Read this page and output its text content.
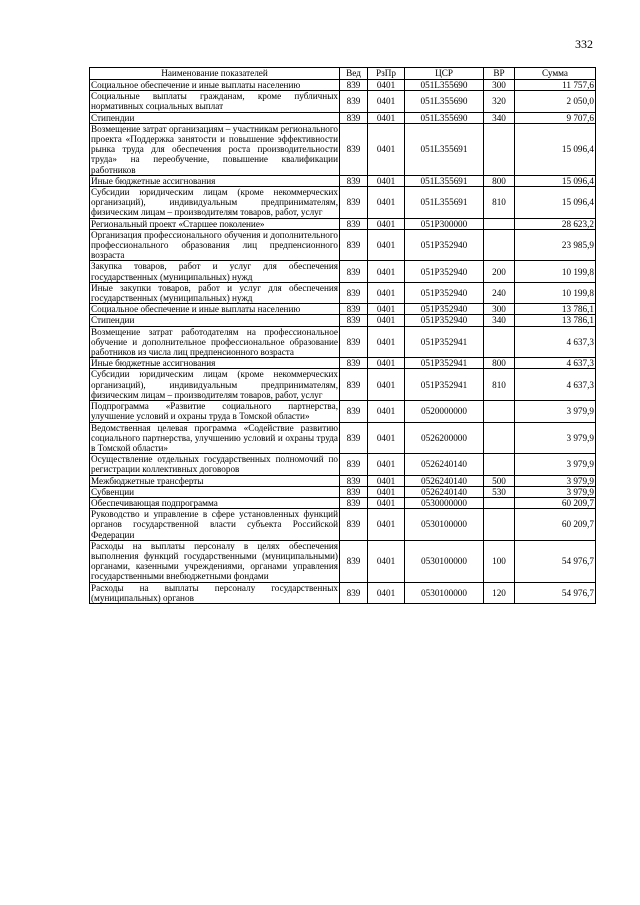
332
Наименование показателей	Вед	РзПр	ЦСР	ВР	Сумма
Социальное обеспечение и иные выплаты населению	839	0401	051L355690	300	11 757,6
Социальные выплаты гражданам, кроме публичных нормативных социальных выплат	839	0401	051L355690	320	2 050,0
Стипендии	839	0401	051L355690	340	9 707,6
Возмещение затрат организациям – участникам регионального проекта «Поддержка занятости и повышение эффективности рынка труда для обеспечения роста производительности труда» на переобучение, повышение квалификации работников	839	0401	051L355691		15 096,4
Иные бюджетные ассигнования	839	0401	051L355691	800	15 096,4
Субсидии юридическим лицам (кроме некоммерческих организаций), индивидуальным предпринимателям, физическим лицам – производителям товаров, работ, услуг	839	0401	051L355691	810	15 096,4
Региональный проект «Старшее поколение»	839	0401	051P300000		28 623,2
Организация профессионального обучения и дополнительного профессионального образования лиц предпенсионного возраста	839	0401	051P352940		23 985,9
Закупка товаров, работ и услуг для обеспечения государственных (муниципальных) нужд	839	0401	051P352940	200	10 199,8
Иные закупки товаров, работ и услуг для обеспечения государственных (муниципальных) нужд	839	0401	051P352940	240	10 199,8
Социальное обеспечение и иные выплаты населению	839	0401	051P352940	300	13 786,1
Стипендии	839	0401	051P352940	340	13 786,1
Возмещение затрат работодателям на профессиональное обучение и дополнительное профессиональное образование работников из числа лиц предпенсионного возраста	839	0401	051P352941		4 637,3
Иные бюджетные ассигнования	839	0401	051P352941	800	4 637,3
Субсидии юридическим лицам (кроме некоммерческих организаций), индивидуальным предпринимателям, физическим лицам – производителям товаров, работ, услуг	839	0401	051P352941	810	4 637,3
Подпрограмма «Развитие социального партнерства, улучшение условий и охраны труда в Томской области»	839	0401	0520000000		3 979,9
Ведомственная целевая программа «Содействие развитию социального партнерства, улучшению условий и охраны труда в Томской области»	839	0401	0526200000		3 979,9
Осуществление отдельных государственных полномочий по регистрации коллективных договоров	839	0401	0526240140		3 979,9
Межбюджетные трансферты	839	0401	0526240140	500	3 979,9
Субвенции	839	0401	0526240140	530	3 979,9
Обеспечивающая подпрограмма	839	0401	0530000000		60 209,7
Руководство и управление в сфере установленных функций органов государственной власти субъекта Российской Федерации	839	0401	0530100000		60 209,7
Расходы на выплаты персоналу в целях обеспечения выполнения функций государственными (муниципальными) органами, казенными учреждениями, органами управления государственными внебюджетными фондами	839	0401	0530100000	100	54 976,7
Расходы на выплаты персоналу государственных (муниципальных) органов	839	0401	0530100000	120	54 976,7
